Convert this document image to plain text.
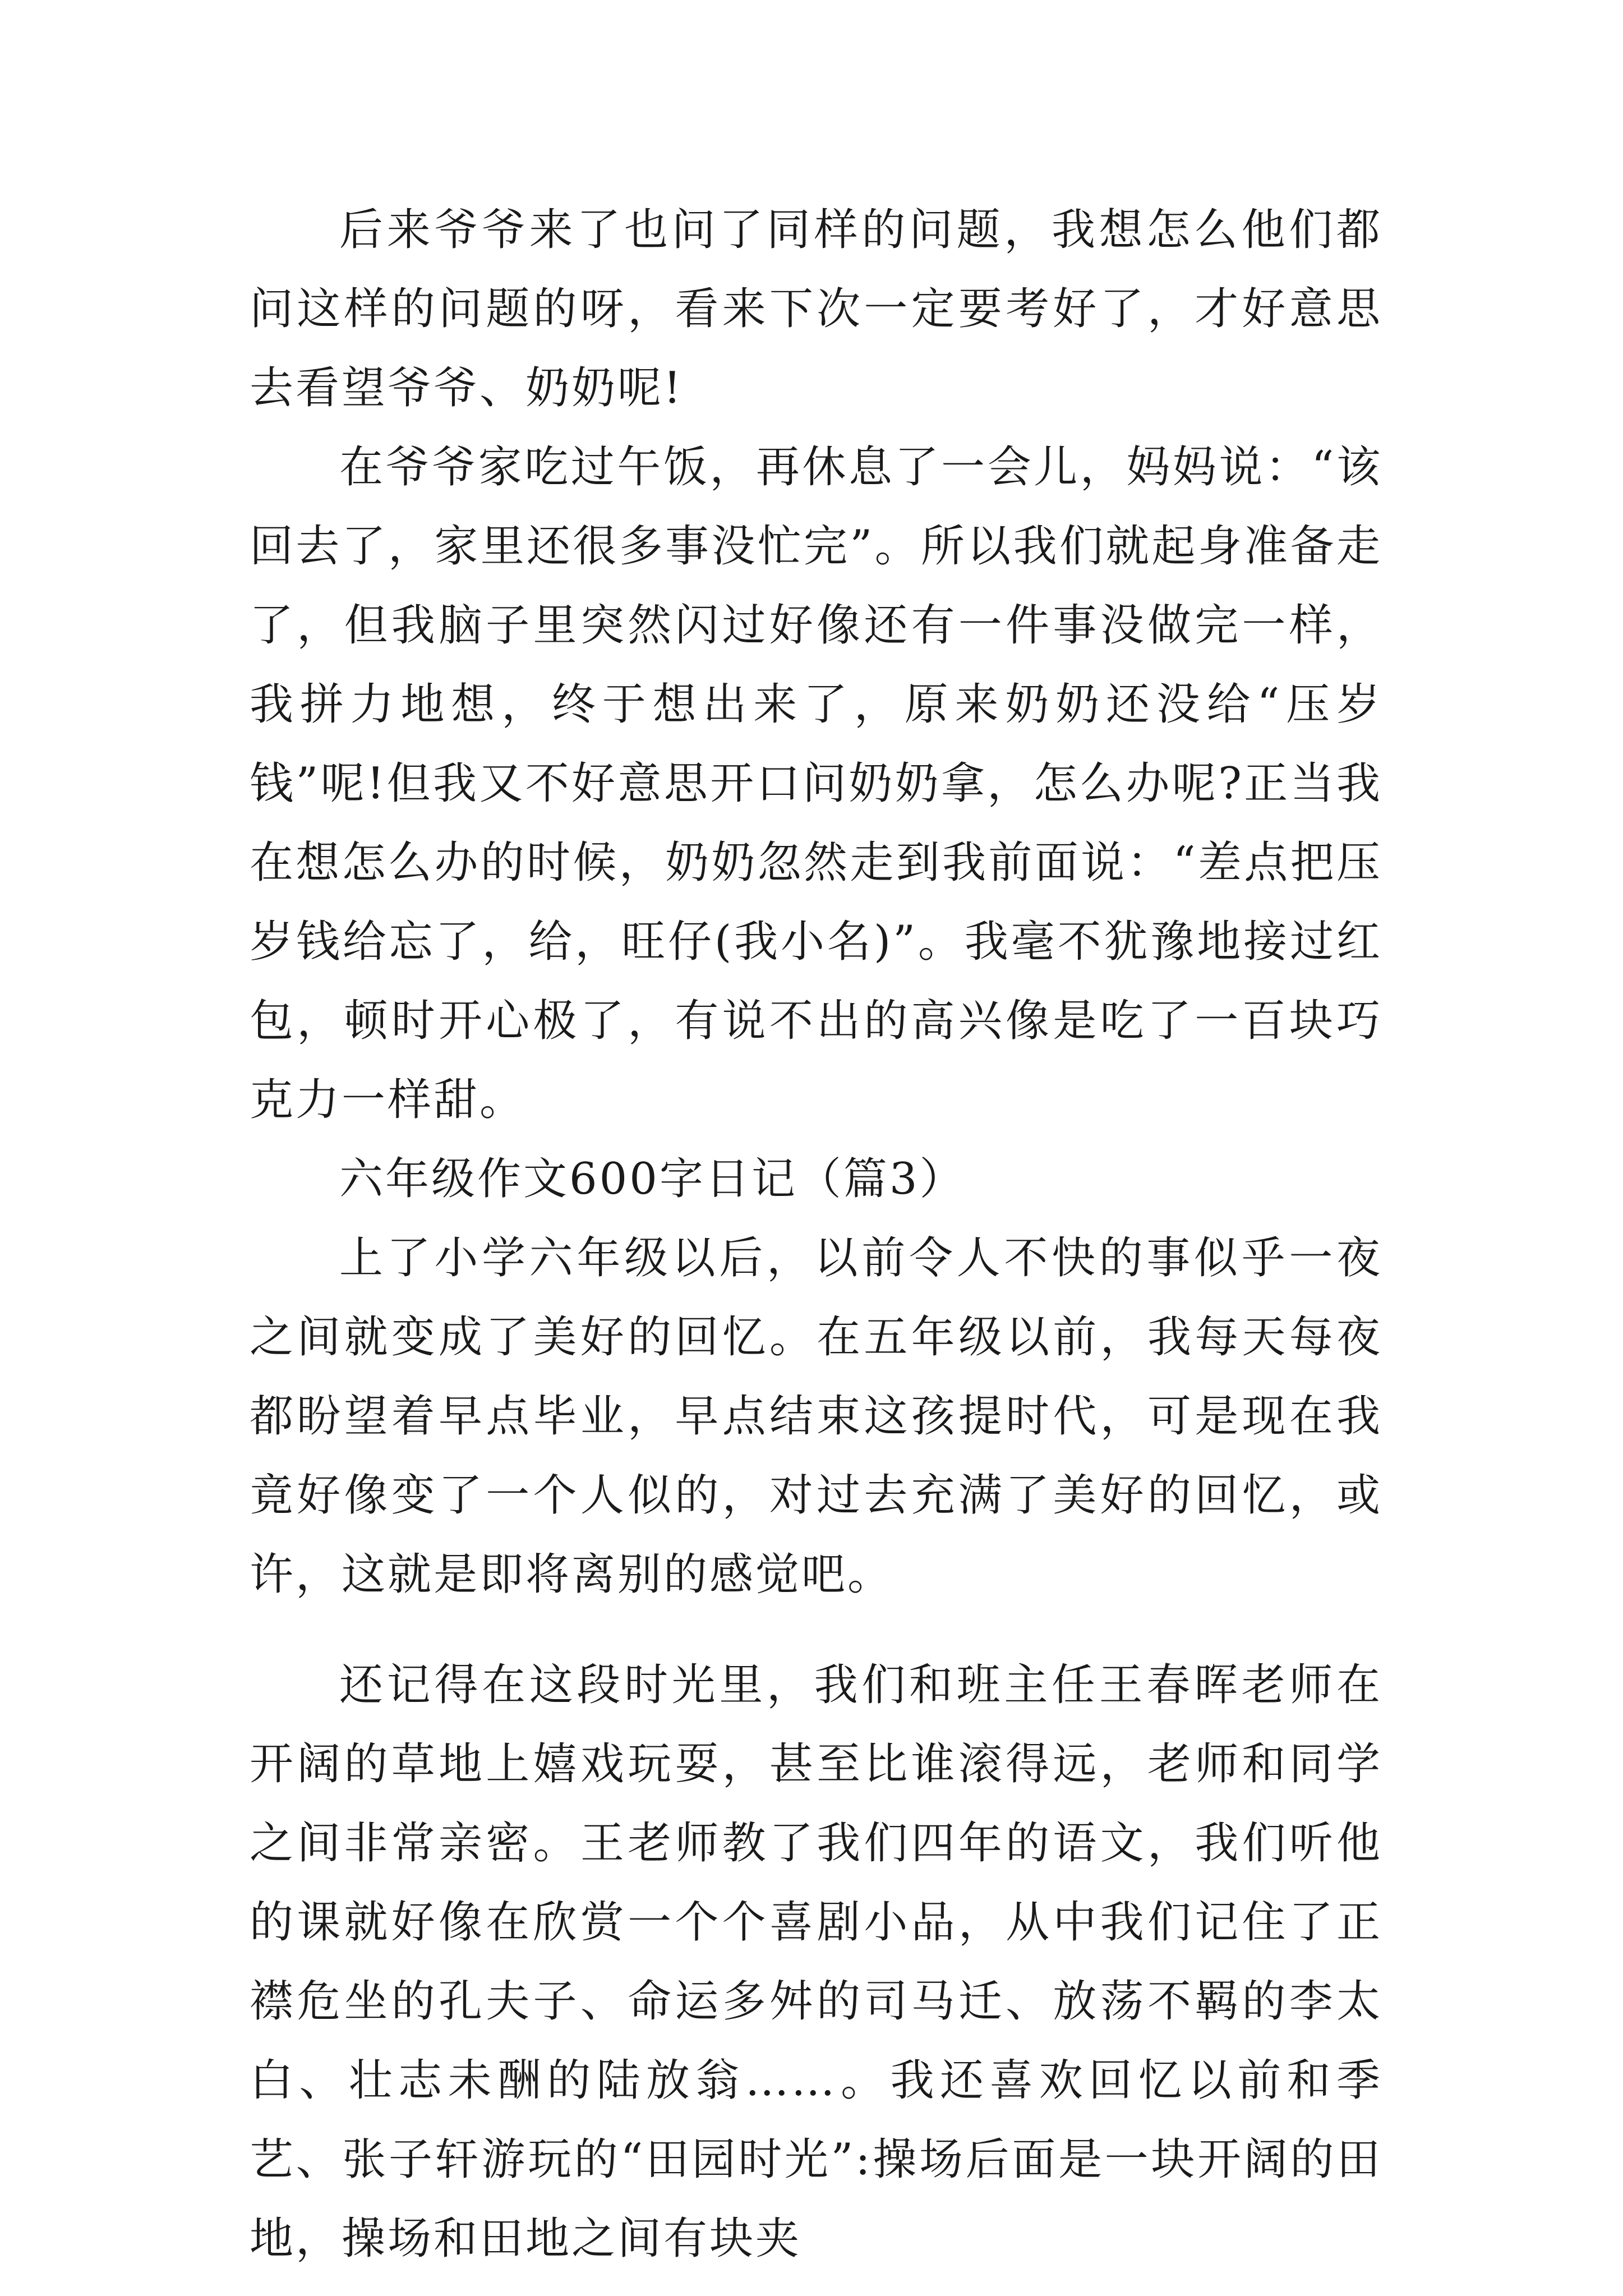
后来爷爷来了也问了同样的问题，我想怎么他们都问这样的问题的呀，看来下次一定要考好了，才好意思去看望爷爷、奶奶呢!

在爷爷家吃过午饭，再休息了一会儿，妈妈说：“该回去了，家里还很多事没忙完”。所以我们就起身准备走了，但我脑子里突然闪过好像还有一件事没做完一样，我拼力地想，终于想出来了，原来奶奶还没给“压岁钱”呢!但我又不好意思开口问奶奶拿，怎么办呢?正当我在想怎么办的时候，奶奶忽然走到我前面说：“差点把压岁钱给忘了，给，旺仔(我小名)”。我毫不犹豫地接过红包，顿时开心极了，有说不出的高兴像是吃了一百块巧克力一样甜。

六年级作文600字日记（篇3）

上了小学六年级以后，以前令人不快的事似乎一夜之间就变成了美好的回忆。在五年级以前，我每天每夜都盼望着早点毕业，早点结束这孩提时代，可是现在我竟好像变了一个人似的，对过去充满了美好的回忆，或许，这就是即将离别的感觉吧。

还记得在这段时光里，我们和班主任王春晖老师在开阔的草地上嬉戏玩耍，甚至比谁滚得远，老师和同学之间非常亲密。王老师教了我们四年的语文，我们听他的课就好像在欣赏一个个喜剧小品，从中我们记住了正襟危坐的孔夫子、命运多舛的司马迁、放荡不羁的李太白、壮志未酬的陆放翁……。我还喜欢回忆以前和季艺、张子轩游玩的“田园时光”:操场后面是一块开阔的田地，操场和田地之间有块夹
